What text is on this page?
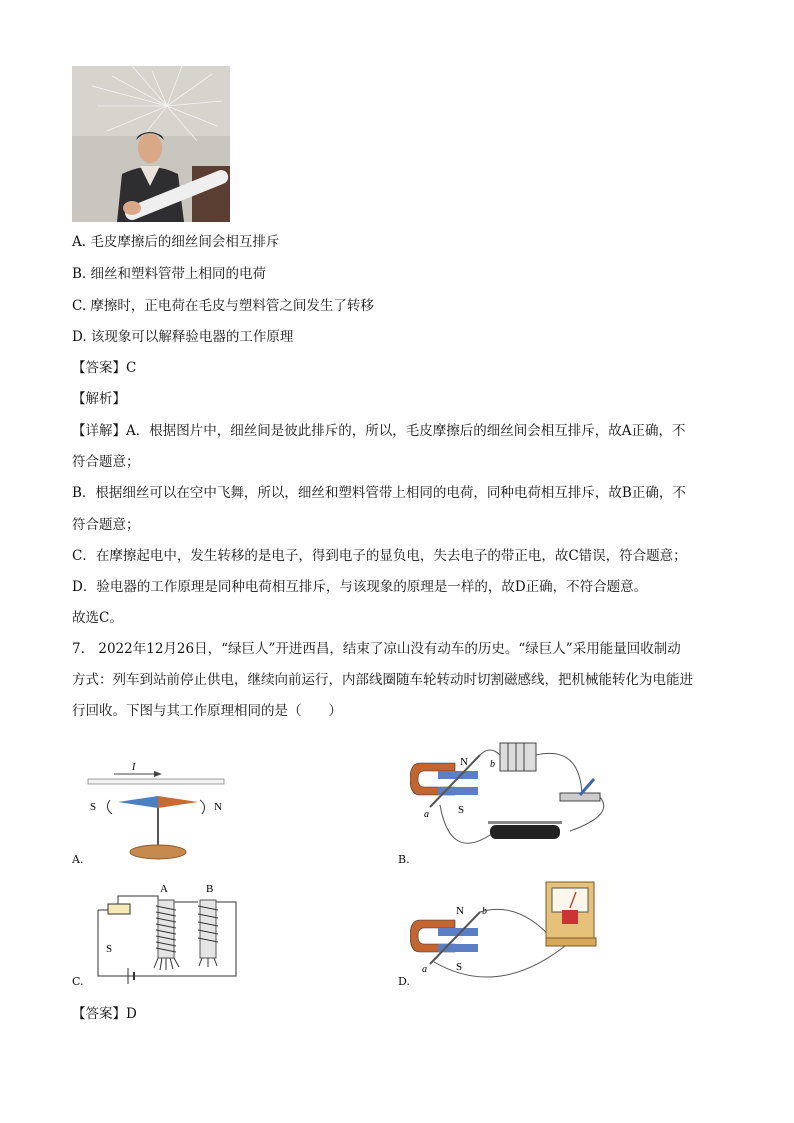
A. 毛皮摩擦后的细丝间会相互排斥
B. 细丝和塑料管带上相同的电荷
C. 摩擦时，正电荷在毛皮与塑料管之间发生了转移
D. 该现象可以解释验电器的工作原理
【答案】C
【解析】
【详解】A．根据图片中，细丝间是彼此排斥的，所以，毛皮摩擦后的细丝间会相互排斥，故A正确，不
符合题意；
B．根据细丝可以在空中飞舞，所以，细丝和塑料管带上相同的电荷，同种电荷相互排斥，故B正确，不
符合题意；
C．在摩擦起电中，发生转移的是电子，得到电子的显负电，失去电子的带正电，故C错误，符合题意；
D．验电器的工作原理是同种电荷相互排斥，与该现象的原理是一样的，故D正确，不符合题意。
故选C。
7.　2022年12月26日，“绿巨人”开进西昌，结束了凉山没有动车的历史。“绿巨人”采用能量回收制动
方式：列车到站前停止供电，继续向前运行，内部线圈随车轮转动时切割磁感线，把机械能转化为电能进
行回收。下图与其工作原理相同的是（　　）
I
S	N
A.
N
S
a
b
B.
A	B
S
C.
N
S
a
b
D.
【答案】D
